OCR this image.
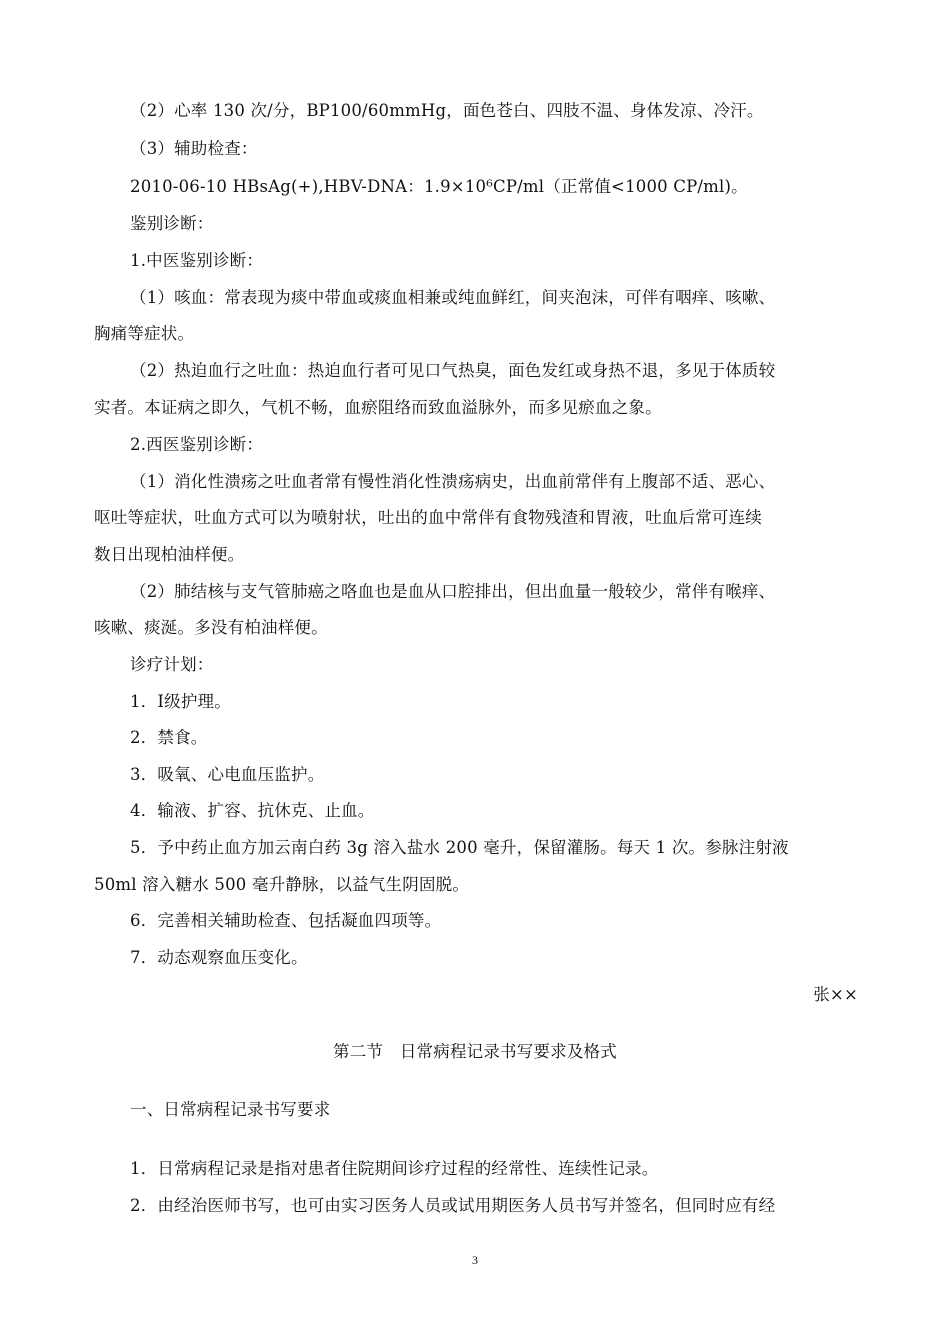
（2）心率 130 次/分，BP100/60mmHg，面色苍白、四肢不温、身体发凉、冷汗。
（3）辅助检查：
2010-06-10 HBsAg(+),HBV-DNA：1.9×10⁶CP/ml（正常值<1000 CP/ml)。
鉴别诊断：
1.中医鉴别诊断：
（1）咳血：常表现为痰中带血或痰血相兼或纯血鲜红，间夹泡沫，可伴有咽痒、咳嗽、
胸痛等症状。
（2）热迫血行之吐血：热迫血行者可见口气热臭，面色发红或身热不退，多见于体质较
实者。本证病之即久，气机不畅，血瘀阻络而致血溢脉外，而多见瘀血之象。
2.西医鉴别诊断：
（1）消化性溃疡之吐血者常有慢性消化性溃疡病史，出血前常伴有上腹部不适、恶心、
呕吐等症状，吐血方式可以为喷射状，吐出的血中常伴有食物残渣和胃液，吐血后常可连续
数日出现柏油样便。
（2）肺结核与支气管肺癌之咯血也是血从口腔排出，但出血量一般较少，常伴有喉痒、
咳嗽、痰涎。多没有柏油样便。
诊疗计划：
1．Ⅰ级护理。
2．禁食。
3．吸氧、心电血压监护。
4．输液、扩容、抗休克、止血。
5．予中药止血方加云南白药 3g 溶入盐水 200 毫升，保留灌肠。每天 1 次。参脉注射液
50ml 溶入糖水 500 毫升静脉，以益气生阴固脱。
6．完善相关辅助检查、包括凝血四项等。
7．动态观察血压变化。
张××
第二节　日常病程记录书写要求及格式
一、日常病程记录书写要求
1．日常病程记录是指对患者住院期间诊疗过程的经常性、连续性记录。
2．由经治医师书写，也可由实习医务人员或试用期医务人员书写并签名，但同时应有经
3
